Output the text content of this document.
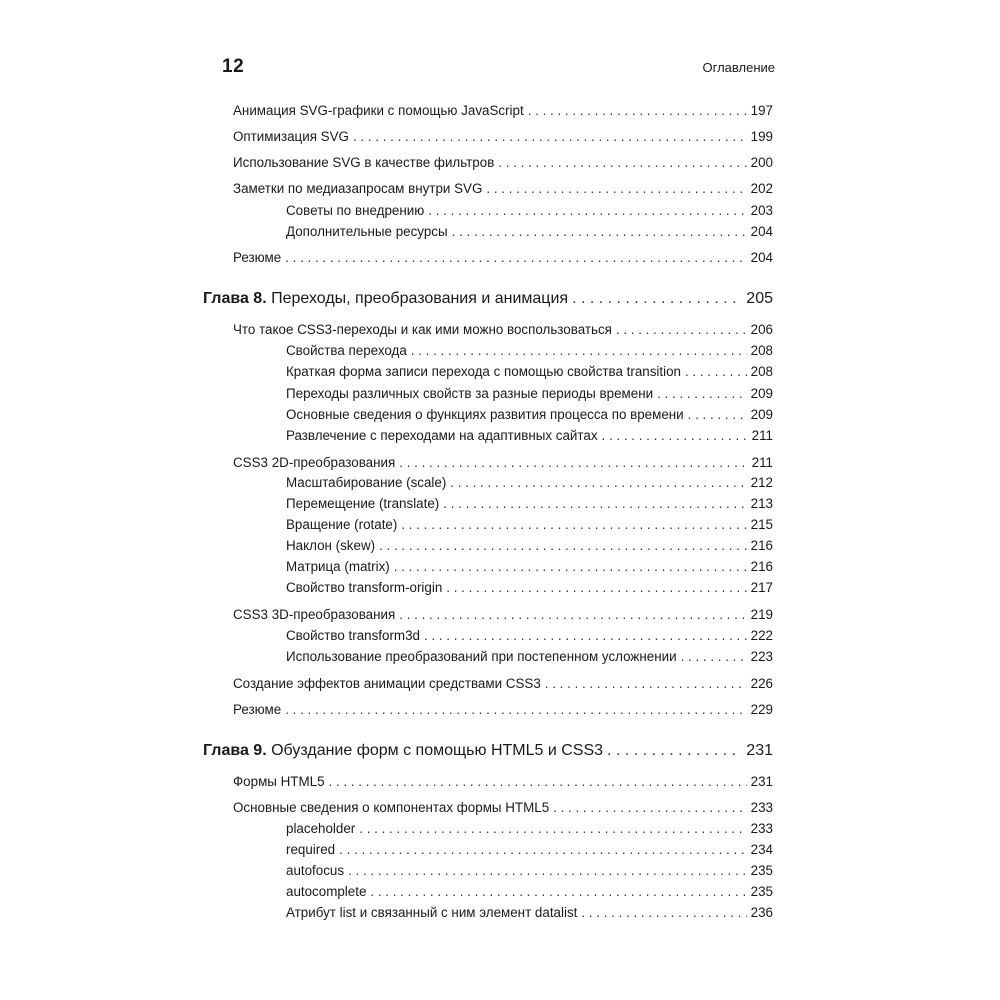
12	Оглавление
Анимация SVG-графики с помощью JavaScript . . .	197
Оптимизация SVG . . .	199
Использование SVG в качестве фильтров . . .	200
Заметки по медиазапросам внутри SVG . . .	202
Советы по внедрению . . .	203
Дополнительные ресурсы . . .	204
Резюме . . .	204
Глава 8. Переходы, преобразования и анимация . . .	205
Что такое CSS3-переходы и как ими можно воспользоваться . . .	206
Свойства перехода . . .	208
Краткая форма записи перехода с помощью свойства transition . . .	208
Переходы различных свойств за разные периоды времени . . .	209
Основные сведения о функциях развития процесса по времени . . .	209
Развлечение с переходами на адаптивных сайтах . . .	211
CSS3 2D-преобразования . . .	211
Масштабирование (scale) . . .	212
Перемещение (translate) . . .	213
Вращение (rotate) . . .	215
Наклон (skew) . . .	216
Матрица (matrix) . . .	216
Свойство transform-origin . . .	217
CSS3 3D-преобразования . . .	219
Свойство transform3d . . .	222
Использование преобразований при постепенном усложнении . . .	223
Создание эффектов анимации средствами CSS3 . . .	226
Резюме . . .	229
Глава 9. Обуздание форм с помощью HTML5 и CSS3 . . .	231
Формы HTML5 . . .	231
Основные сведения о компонентах формы HTML5 . . .	233
placeholder . . .	233
required . . .	234
autofocus . . .	235
autocomplete . . .	235
Атрибут list и связанный с ним элемент datalist . . .	236
